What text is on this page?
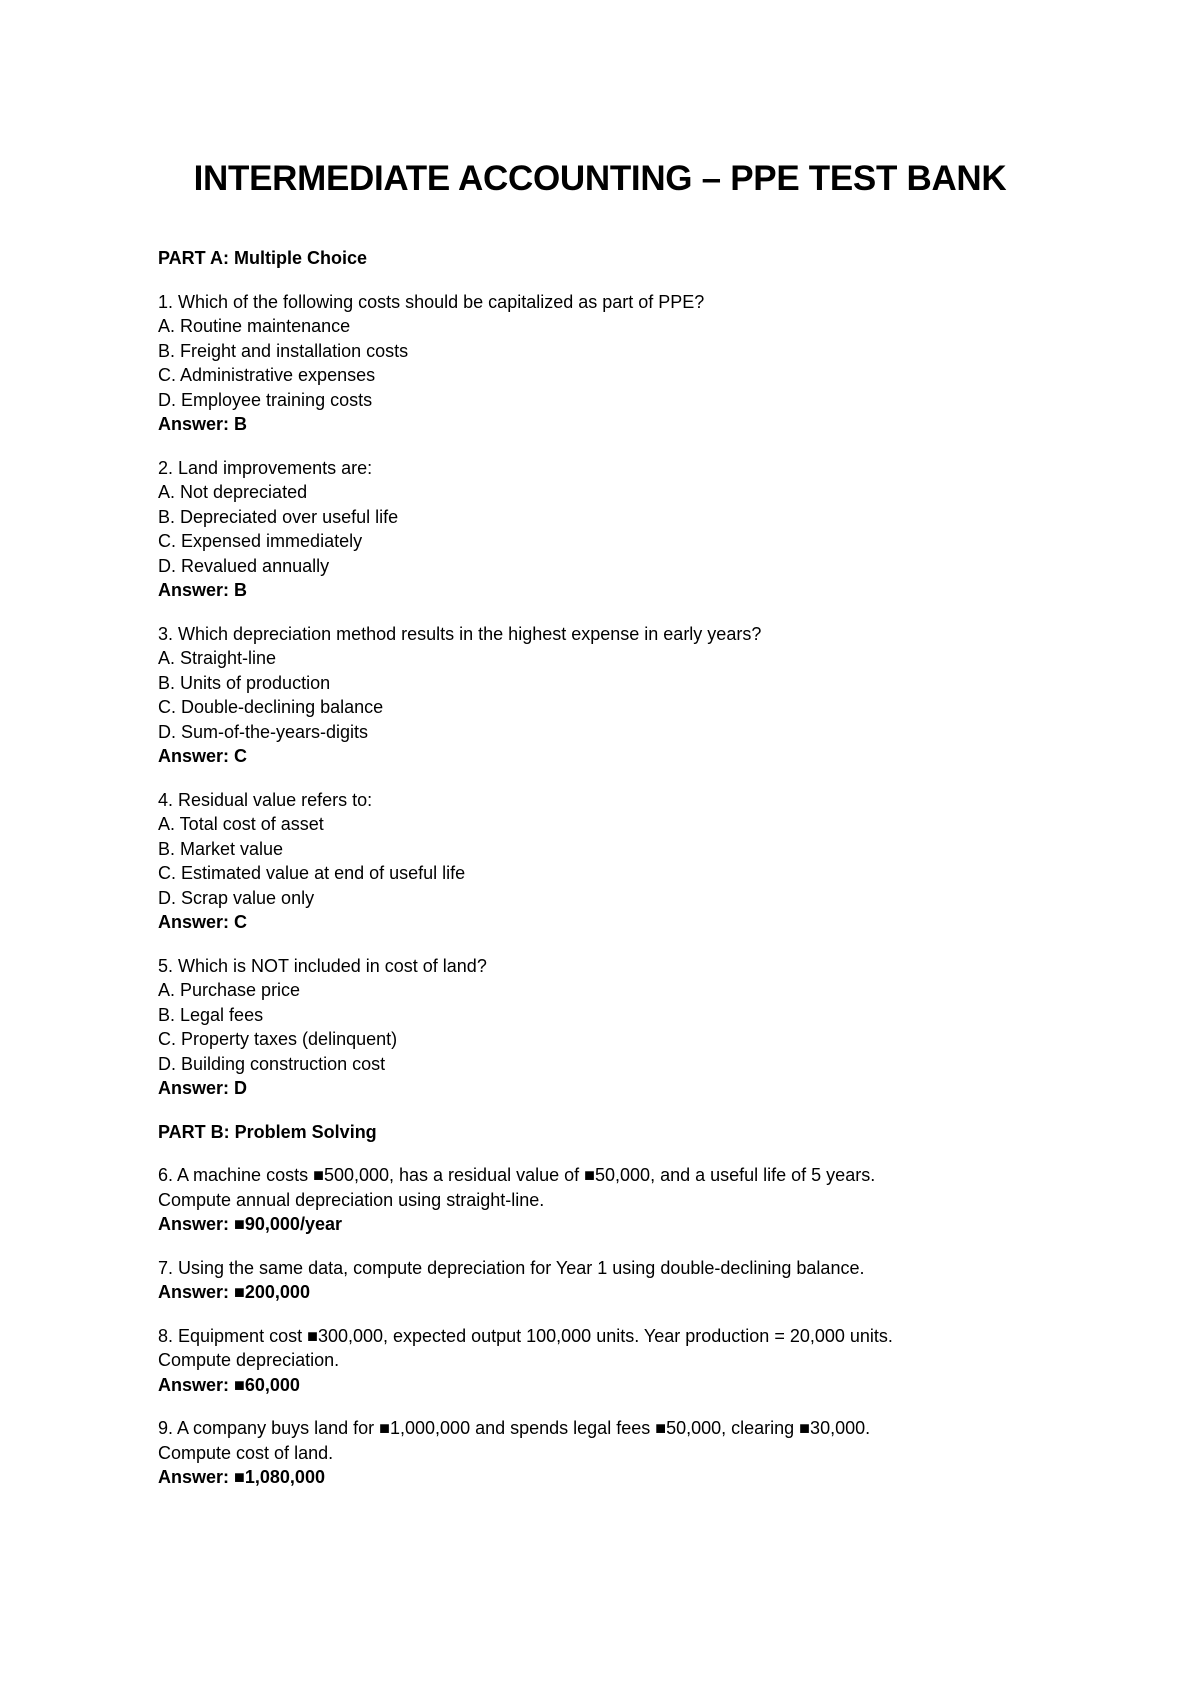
INTERMEDIATE ACCOUNTING – PPE TEST BANK
PART A: Multiple Choice
1. Which of the following costs should be capitalized as part of PPE?
A. Routine maintenance
B. Freight and installation costs
C. Administrative expenses
D. Employee training costs
Answer: B
2. Land improvements are:
A. Not depreciated
B. Depreciated over useful life
C. Expensed immediately
D. Revalued annually
Answer: B
3. Which depreciation method results in the highest expense in early years?
A. Straight-line
B. Units of production
C. Double-declining balance
D. Sum-of-the-years-digits
Answer: C
4. Residual value refers to:
A. Total cost of asset
B. Market value
C. Estimated value at end of useful life
D. Scrap value only
Answer: C
5. Which is NOT included in cost of land?
A. Purchase price
B. Legal fees
C. Property taxes (delinquent)
D. Building construction cost
Answer: D
PART B: Problem Solving
6. A machine costs ■500,000, has a residual value of ■50,000, and a useful life of 5 years.
Compute annual depreciation using straight-line.
Answer: ■90,000/year
7. Using the same data, compute depreciation for Year 1 using double-declining balance.
Answer: ■200,000
8. Equipment cost ■300,000, expected output 100,000 units. Year production = 20,000 units.
Compute depreciation.
Answer: ■60,000
9. A company buys land for ■1,000,000 and spends legal fees ■50,000, clearing ■30,000.
Compute cost of land.
Answer: ■1,080,000
